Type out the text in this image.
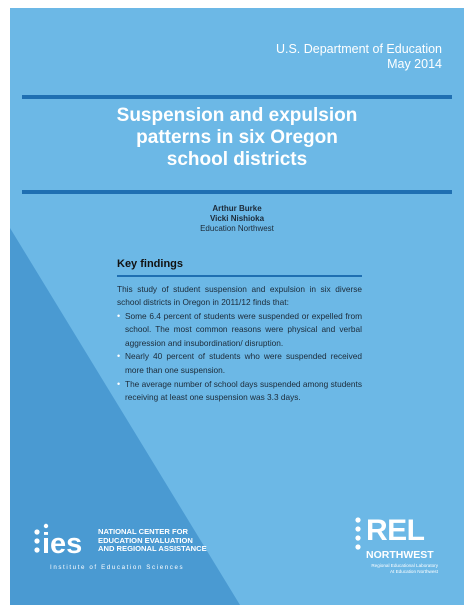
U.S. Department of Education
May 2014
Suspension and expulsion
patterns in six Oregon
school districts
Arthur Burke
Vicki Nishioka
Education Northwest
Key findings
This study of student suspension and expulsion in six diverse school districts in Oregon in 2011/12 finds that:
• Some 6.4 percent of students were suspended or expelled from school. The most common reasons were physical and verbal aggression and insubordination/ disruption.
• Nearly 40 percent of students who were suspended received more than one suspension.
• The average number of school days suspended among students receiving at least one suspension was 3.3 days.
ies NATIONAL CENTER FOR
EDUCATION EVALUATION
AND REGIONAL ASSISTANCE
Institute of Education Sciences
REL
NORTHWEST
Regional Educational Laboratory
At Education Northwest
